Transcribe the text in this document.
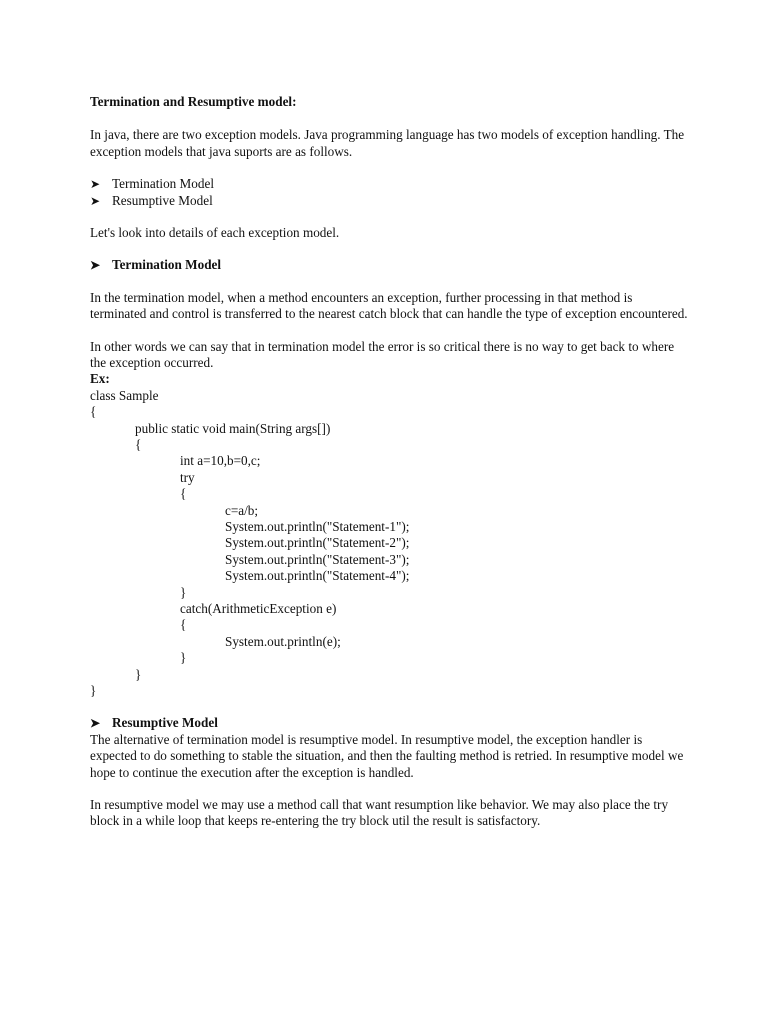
Termination and Resumptive model:

In java, there are two exception models. Java programming language has two models of exception handling. The exception models that java suports are as follows.

➤ Termination Model
➤ Resumptive Model

Let's look into details of each exception model.

➤ Termination Model

In the termination model, when a method encounters an exception, further processing in that method is terminated and control is transferred to the nearest catch block that can handle the type of exception encountered.

In other words we can say that in termination model the error is so critical there is no way to get back to where the exception occurred.

Ex:
class Sample
{
public static void main(String args[])
{
int a=10,b=0,c;
try
{
c=a/b;
System.out.println("Statement-1");
System.out.println("Statement-2");
System.out.println("Statement-3");
System.out.println("Statement-4");
}
catch(ArithmeticException e)
{
System.out.println(e);
}
}
}
➤ Resumptive Model

The alternative of termination model is resumptive model. In resumptive model, the exception handler is expected to do something to stable the situation, and then the faulting method is retried. In resumptive model we hope to continue the execution after the exception is handled.

In resumptive model we may use a method call that want resumption like behavior. We may also place the try block in a while loop that keeps re-entering the try block util the result is satisfactory.
